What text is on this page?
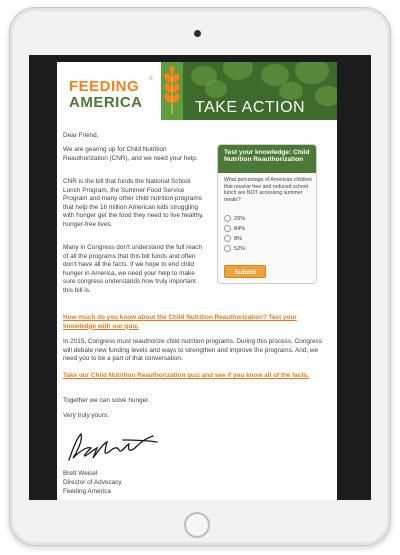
FEEDING
AMERICA
®
TAKE ACTION

Dear Friend,

We are gearing up for Child Nutrition Reauthorization (CNR), and we need your help.

CNR is the bill that funds the National School Lunch Program, the Summer Food Service Program and many other child nutrition programs that help the 16 million American kids struggling with hunger get the food they need to live healthy, hunger-free lives.

Many in Congress don't understand the full reach of all the programs that this bill funds and often don't have all the facts. If we hope to end child hunger in America, we need your help to make sure congress understands how truly important this bill is.

Test your knowledge: Child Nutrition Reauthorization

What percentage of American children that receive free and reduced school lunch are NOT accessing summer meals?

29%
84%
8%
52%
Submit
How much do you know about the Child Nutrition Reauthorization? Test your knowledge with our quiz.

In 2015, Congress must reauthorize child nutrition programs. During this process, Congress will debate new funding levels and ways to strengthen and improve the programs. And, we need you to be a part of that conversation.

Take our Child Nutrition Reauthorization quiz and see if you know all of the facts.

Together we can solve hunger.

Very truly yours,

Brett Weisel

Director of Advocacy

Feeding America
